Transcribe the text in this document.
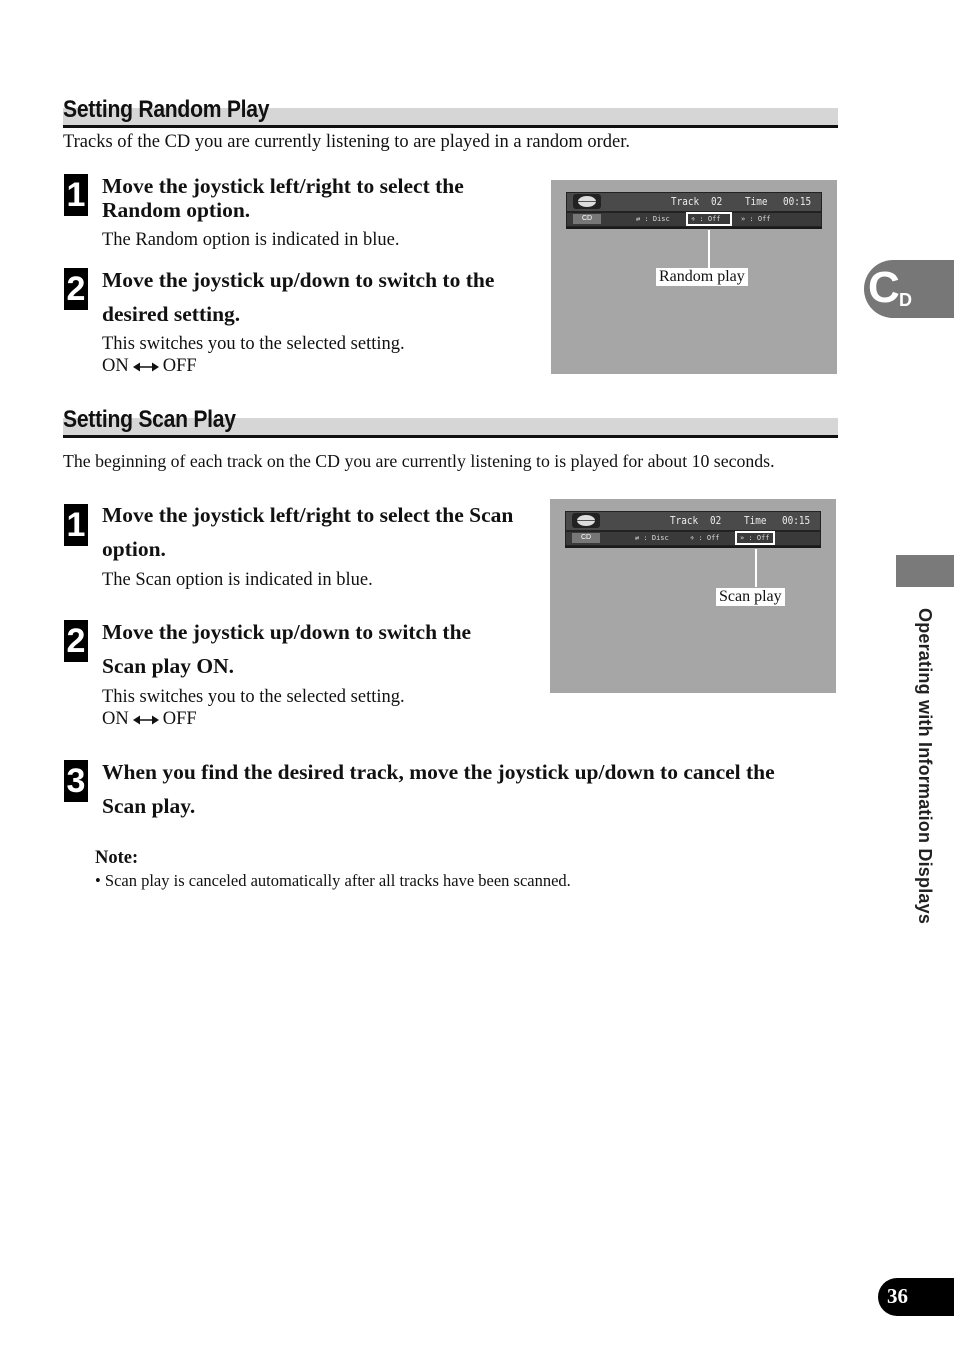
Setting Random Play
Tracks of the CD you are currently listening to are played in a random order.
1 Move the joystick left/right to select the
Random option.
The Random option is indicated in blue.
2 Move the joystick up/down to switch to the
desired setting.
This switches you to the selected setting.
ON OFF
Track 02 Time 00:15
CD	⇄ : Disc	∻ : Off	» : Off
Random play
Setting Scan Play
The beginning of each track on the CD you are currently listening to is played for about 10 seconds.
1 Move the joystick left/right to select the Scan
option.
The Scan option is indicated in blue.
2 Move the joystick up/down to switch the
Scan play ON.
This switches you to the selected setting.
ON OFF
3 When you find the desired track, move the joystick up/down to cancel the
Scan play.
Track 02 Time 00:15
CD	⇄ : Disc	∻ : Off	» : Off
Scan play
Note:
• Scan play is canceled automatically after all tracks have been scanned.
C D
Operating with Information Displays
36
